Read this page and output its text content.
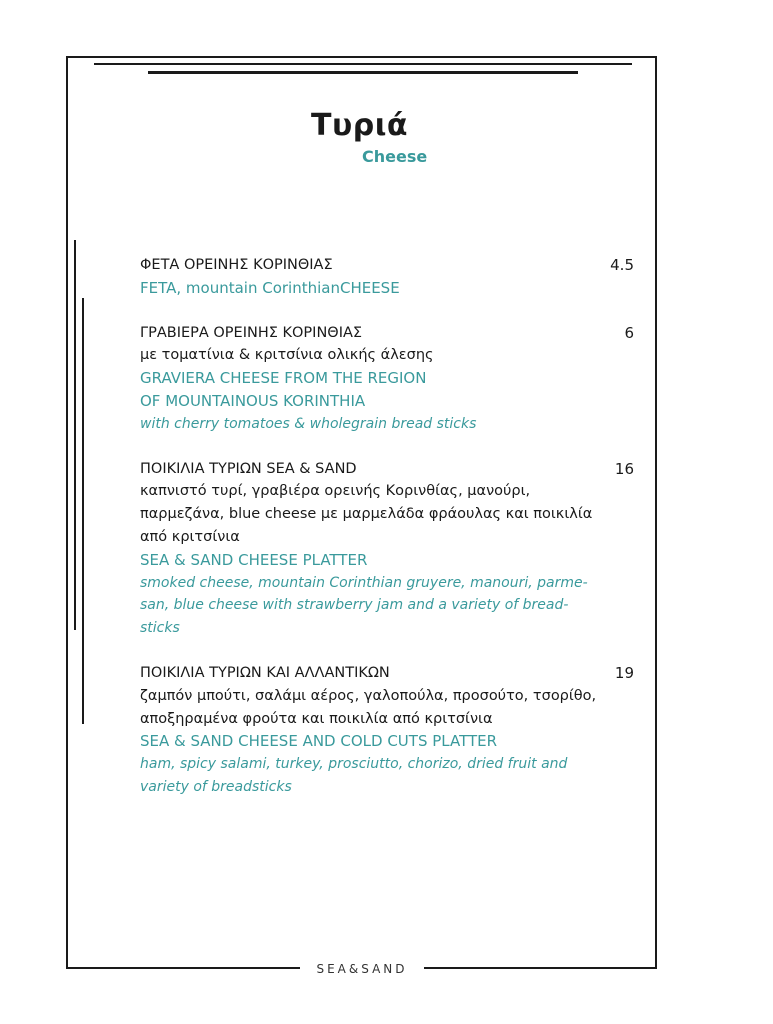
Τυριά
Cheese
4.5
ΦΕΤΑ ΟΡΕΙΝΗΣ ΚΟΡΙΝΘΙΑΣ
FETA, mountain CorinthianCHEESE
6
ΓΡΑΒΙΕΡΑ ΟΡΕΙΝΗΣ ΚΟΡΙΝΘΙΑΣ
με τοματίνια & κριτσίνια ολικής άλεσης
GRAVIERA CHEESE FROM THE REGION
OF MOUNTAINOUS KORINTHIA
with cherry tomatoes & wholegrain bread sticks
16
ΠΟΙΚΙΛΙΑ ΤΥΡΙΩΝ SEA & SAND
καπνιστό τυρί, γραβιέρα ορεινής Κορινθίας, μανούρι,
παρμεζάνα, blue cheese με μαρμελάδα φράουλας και ποικιλία
από κριτσίνια
SEA & SAND CHEESE PLATTER
smoked cheese, mountain Corinthian gruyere, manouri, parme-
san, blue cheese with strawberry jam and a variety of bread-
sticks
19
ΠΟΙΚΙΛΙΑ ΤΥΡΙΩΝ ΚΑΙ ΑΛΛΑΝΤΙΚΩΝ
ζαμπόν μπούτι, σαλάμι αέρος, γαλοπούλα, προσούτο, τσορίθο,
αποξηραμένα φρούτα και ποικιλία από κριτσίνια
SEA & SAND CHEESE AND COLD CUTS PLATTER
ham, spicy salami, turkey, prosciutto, chorizo, dried fruit and
variety of breadsticks
SEA&SAND
